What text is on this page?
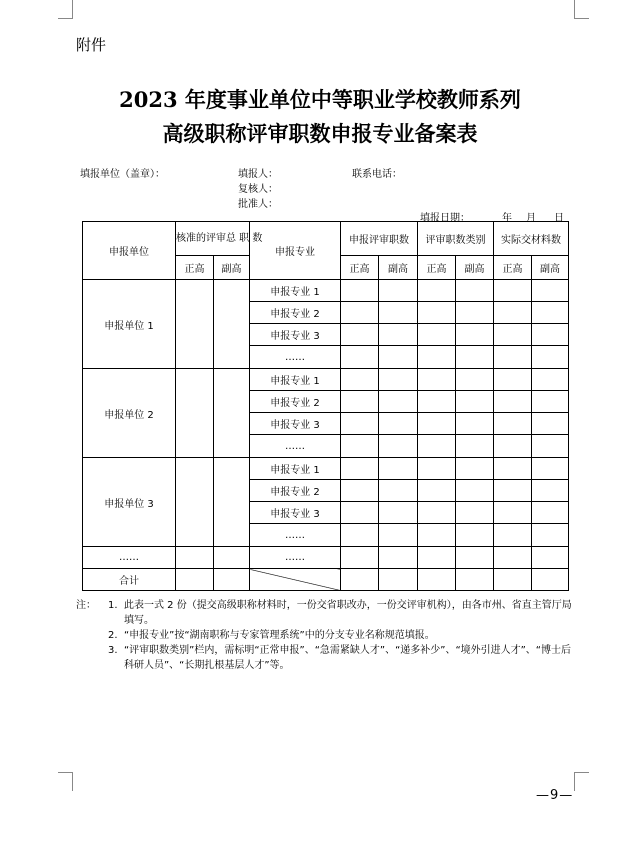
附件
2023 年度事业单位中等职业学校教师系列
高级职称评审职数申报专业备案表
填报单位（盖章）：	填报人：	联系电话：
复核人：
批准人：
填报日期：	年 月 日
申报单位	核准的评审总 职 数		申报专业	申报评审职数		评审职数类别		实际交材料数	
	正高	副高		正高	副高	正高	副高	正高	副高
申报单位 1			申报专业 1						
			申报专业 2						
			申报专业 3						
			……						
申报单位 2			申报专业 1						
			申报专业 2						
			申报专业 3						
			……						
申报单位 3			申报专业 1						
			申报专业 2						
			申报专业 3						
			……						
……			……						
合计									
注：	1. 此表一式 2 份（提交高级职称材料时，一份交省职改办，一份交评审机构），由各市州、省直主管厅局填写。
2. “申报专业”按“湖南职称与专家管理系统”中的分支专业名称规范填报。
3. “评审职数类别”栏内，需标明“正常申报”、“急需紧缺人才”、“递多补少”、“境外引进人才”、“博士后科研人员”、“长期扎根基层人才”等。
—9—
